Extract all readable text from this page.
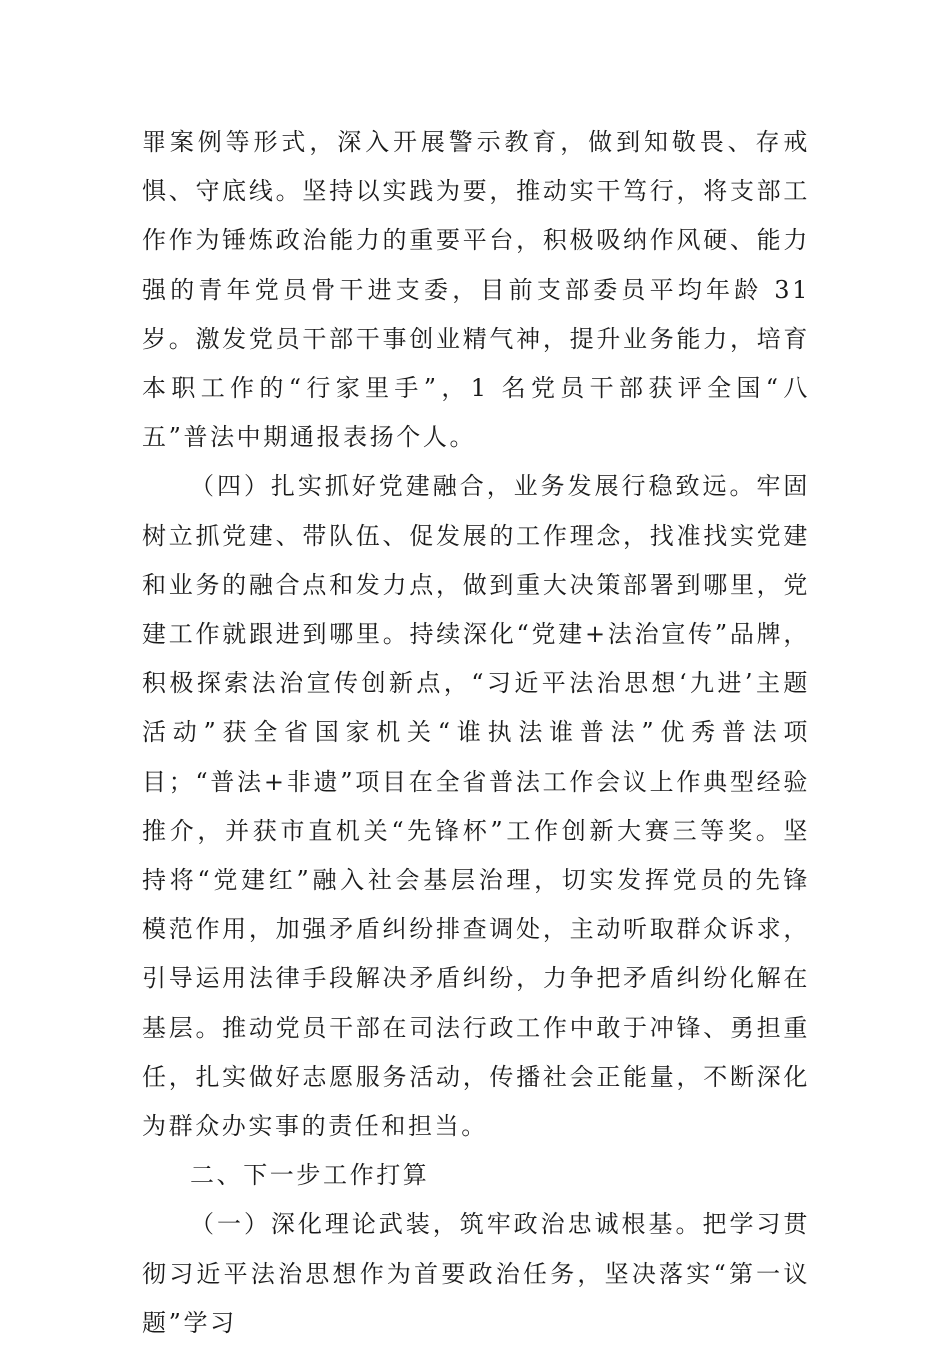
罪案例等形式，深入开展警示教育，做到知敬畏、存戒惧、守底线。坚持以实践为要，推动实干笃行，将支部工作作为锤炼政治能力的重要平台，积极吸纳作风硬、能力强的青年党员骨干进支委，目前支部委员平均年龄 31 岁。激发党员干部干事创业精气神，提升业务能力，培育本职工作的“行家里手”，1 名党员干部获评全国“八五”普法中期通报表扬个人。

（四）扎实抓好党建融合，业务发展行稳致远。牢固树立抓党建、带队伍、促发展的工作理念，找准找实党建和业务的融合点和发力点，做到重大决策部署到哪里，党建工作就跟进到哪里。持续深化“党建+法治宣传”品牌，积极探索法治宣传创新点，“习近平法治思想‘九进’主题活动”获全省国家机关“谁执法谁普法”优秀普法项目；“普法+非遗”项目在全省普法工作会议上作典型经验推介，并获市直机关“先锋杯”工作创新大赛三等奖。坚持将“党建红”融入社会基层治理，切实发挥党员的先锋模范作用，加强矛盾纠纷排查调处，主动听取群众诉求，引导运用法律手段解决矛盾纠纷，力争把矛盾纠纷化解在基层。推动党员干部在司法行政工作中敢于冲锋、勇担重任，扎实做好志愿服务活动，传播社会正能量，不断深化为群众办实事的责任和担当。

二、下一步工作打算

（一）深化理论武装，筑牢政治忠诚根基。把学习贯彻习近平法治思想作为首要政治任务，坚决落实“第一议题”学习
